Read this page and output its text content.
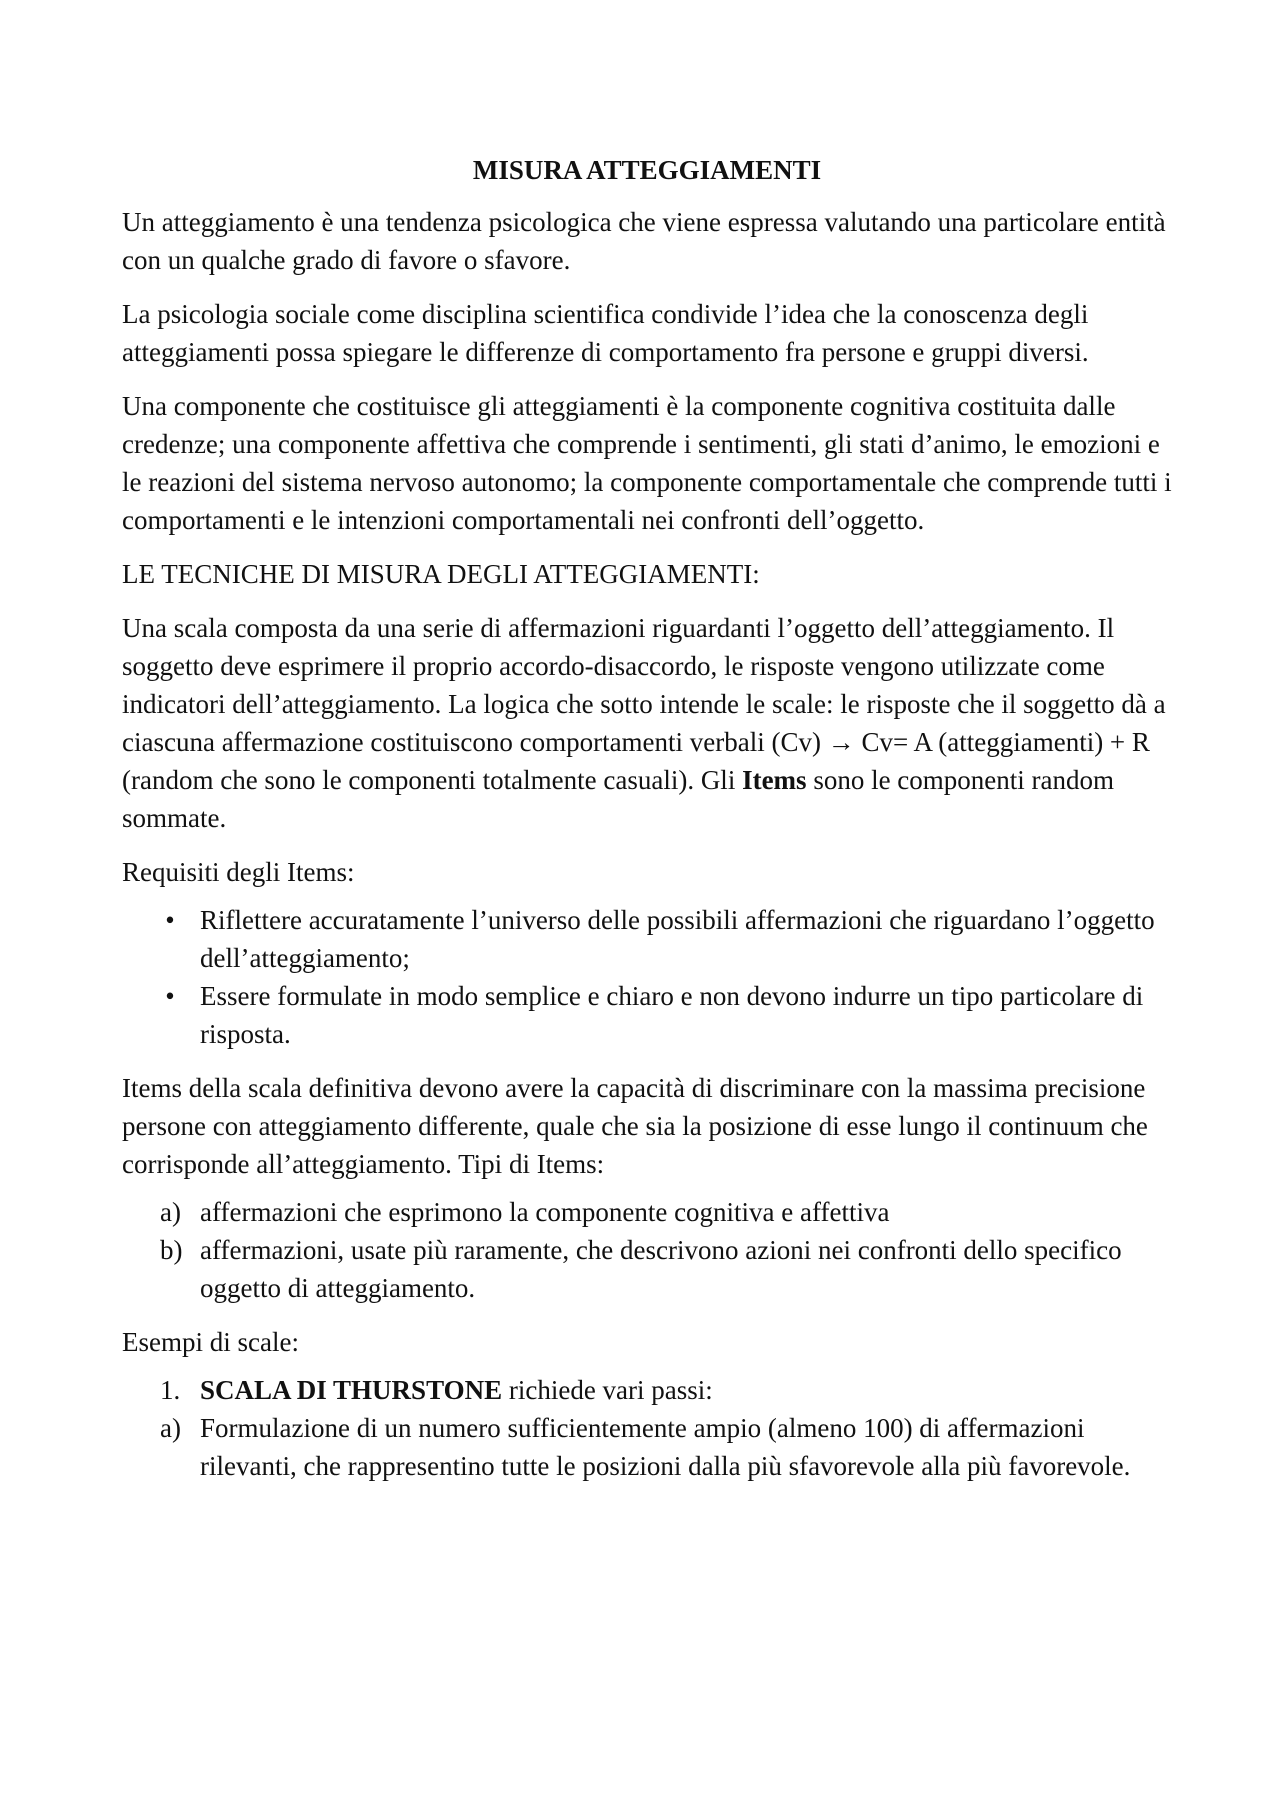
MISURA ATTEGGIAMENTI

Un atteggiamento è una tendenza psicologica che viene espressa valutando una particolare entità con un qualche grado di favore o sfavore.

La psicologia sociale come disciplina scientifica condivide l’idea che la conoscenza degli atteggiamenti possa spiegare le differenze di comportamento fra persone e gruppi diversi.

Una componente che costituisce gli atteggiamenti è la componente cognitiva costituita dalle credenze; una componente affettiva che comprende i sentimenti, gli stati d’animo, le emozioni e le reazioni del sistema nervoso autonomo; la componente comportamentale che comprende tutti i comportamenti e le intenzioni comportamentali nei confronti dell’oggetto.

LE TECNICHE DI MISURA DEGLI ATTEGGIAMENTI:

Una scala composta da una serie di affermazioni riguardanti l’oggetto dell’atteggiamento. Il soggetto deve esprimere il proprio accordo-disaccordo, le risposte vengono utilizzate come indicatori dell’atteggiamento. La logica che sotto intende le scale: le risposte che il soggetto dà a ciascuna affermazione costituiscono comportamenti verbali (Cv) → Cv= A (atteggiamenti) + R (random che sono le componenti totalmente casuali). Gli Items sono le componenti random sommate.

Requisiti degli Items:

• Riflettere accuratamente l’universo delle possibili affermazioni che riguardano l’oggetto dell’atteggiamento;
• Essere formulate in modo semplice e chiaro e non devono indurre un tipo particolare di risposta.

Items della scala definitiva devono avere la capacità di discriminare con la massima precisione persone con atteggiamento differente, quale che sia la posizione di esse lungo il continuum che corrisponde all’atteggiamento. Tipi di Items:

a) affermazioni che esprimono la componente cognitiva e affettiva
b) affermazioni, usate più raramente, che descrivono azioni nei confronti dello specifico oggetto di atteggiamento.

Esempi di scale:

1. SCALA DI THURSTONE richiede vari passi:
a) Formulazione di un numero sufficientemente ampio (almeno 100) di affermazioni rilevanti, che rappresentino tutte le posizioni dalla più sfavorevole alla più favorevole.
